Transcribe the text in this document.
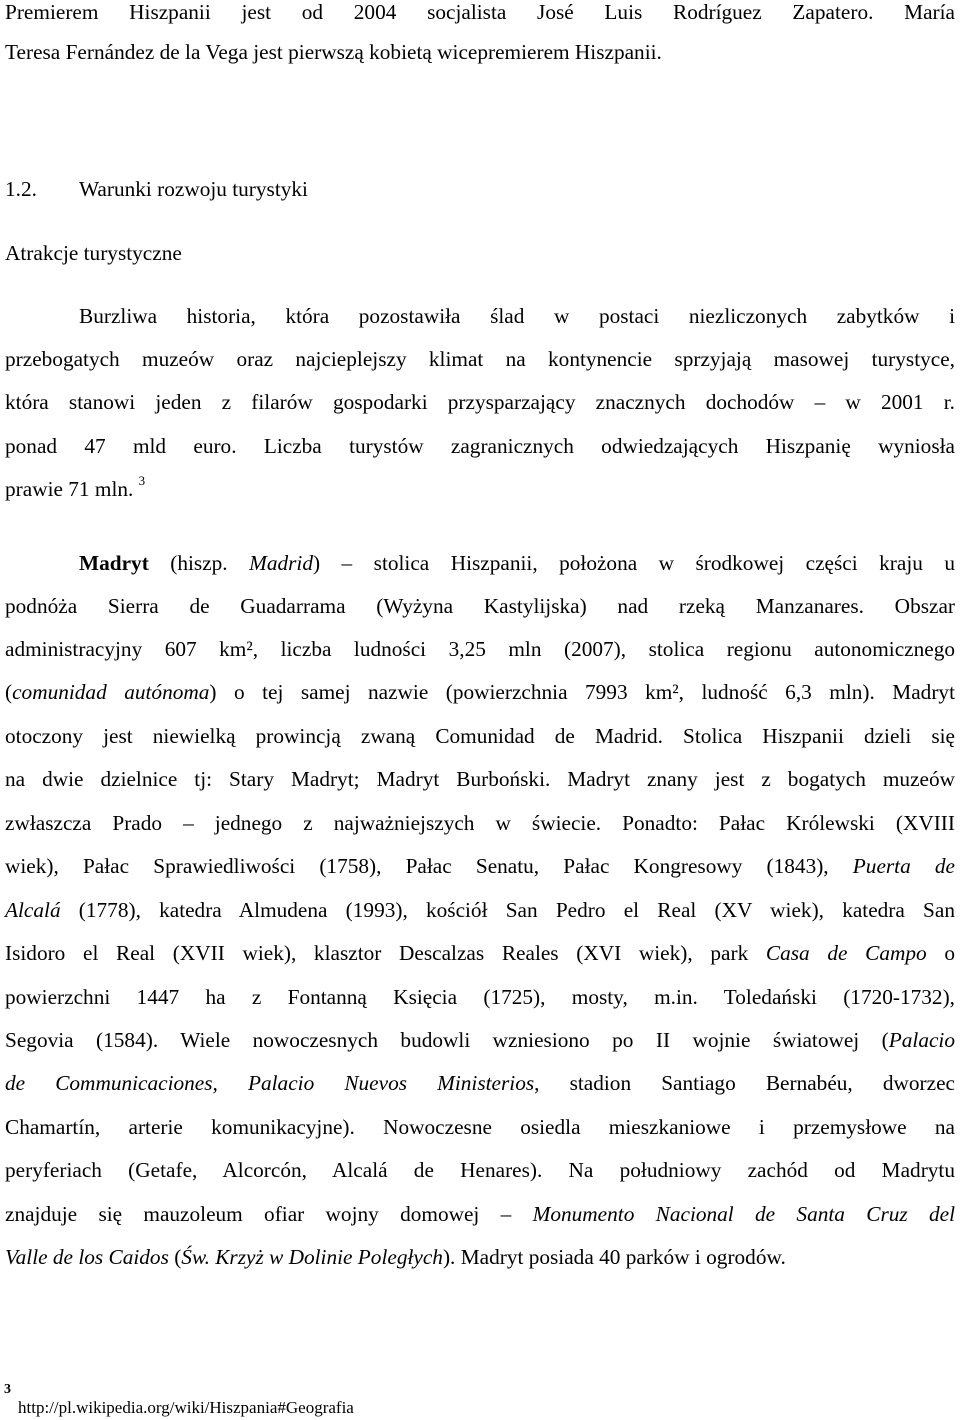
Premierem Hiszpanii jest od 2004 socjalista José Luis Rodríguez Zapatero. María
Teresa Fernández de la Vega jest pierwszą kobietą wicepremierem Hiszpanii.
1.2. Warunki rozwoju turystyki
Atrakcje turystyczne
Burzliwa historia, która pozostawiła ślad w postaci niezliczonych zabytków i
przebogatych muzeów oraz najcieplejszy klimat na kontynencie sprzyjają masowej turystyce,
która stanowi jeden z filarów gospodarki przysparzający znacznych dochodów – w 2001 r.
ponad 47 mld euro. Liczba turystów zagranicznych odwiedzających Hiszpanię wyniosła
prawie 71 mln. $^3$
Madryt (hiszp. Madrid) – stolica Hiszpanii, położona w środkowej części kraju u
podnóża Sierra de Guadarrama (Wyżyna Kastylijska) nad rzeką Manzanares. Obszar
administracyjny 607 km², liczba ludności 3,25 mln (2007), stolica regionu autonomicznego
(comunidad autónoma) o tej samej nazwie (powierzchnia 7993 km², ludność 6,3 mln). Madryt
otoczony jest niewielką prowincją zwaną Comunidad de Madrid. Stolica Hiszpanii dzieli się
na dwie dzielnice tj: Stary Madryt; Madryt Burboński. Madryt znany jest z bogatych muzeów
zwłaszcza Prado – jednego z najważniejszych w świecie. Ponadto: Pałac Królewski (XVIII
wiek), Pałac Sprawiedliwości (1758), Pałac Senatu, Pałac Kongresowy (1843), Puerta de
Alcalá (1778), katedra Almudena (1993), kościół San Pedro el Real (XV wiek), katedra San
Isidoro el Real (XVII wiek), klasztor Descalzas Reales (XVI wiek), park Casa de Campo o
powierzchni 1447 ha z Fontanną Księcia (1725), mosty, m.in. Toledański (1720-1732),
Segovia (1584). Wiele nowoczesnych budowli wzniesiono po II wojnie światowej (Palacio
de Communicaciones, Palacio Nuevos Ministerios, stadion Santiago Bernabéu, dworzec
Chamartín, arterie komunikacyjne). Nowoczesne osiedla mieszkaniowe i przemysłowe na
peryferiach (Getafe, Alcorcón, Alcalá de Henares). Na południowy zachód od Madrytu
znajduje się mauzoleum ofiar wojny domowej – Monumento Nacional de Santa Cruz del
Valle de los Caidos (Św. Krzyż w Dolinie Poległych). Madryt posiada 40 parków i ogrodów.
3
http://pl.wikipedia.org/wiki/Hiszpania#Geografia
